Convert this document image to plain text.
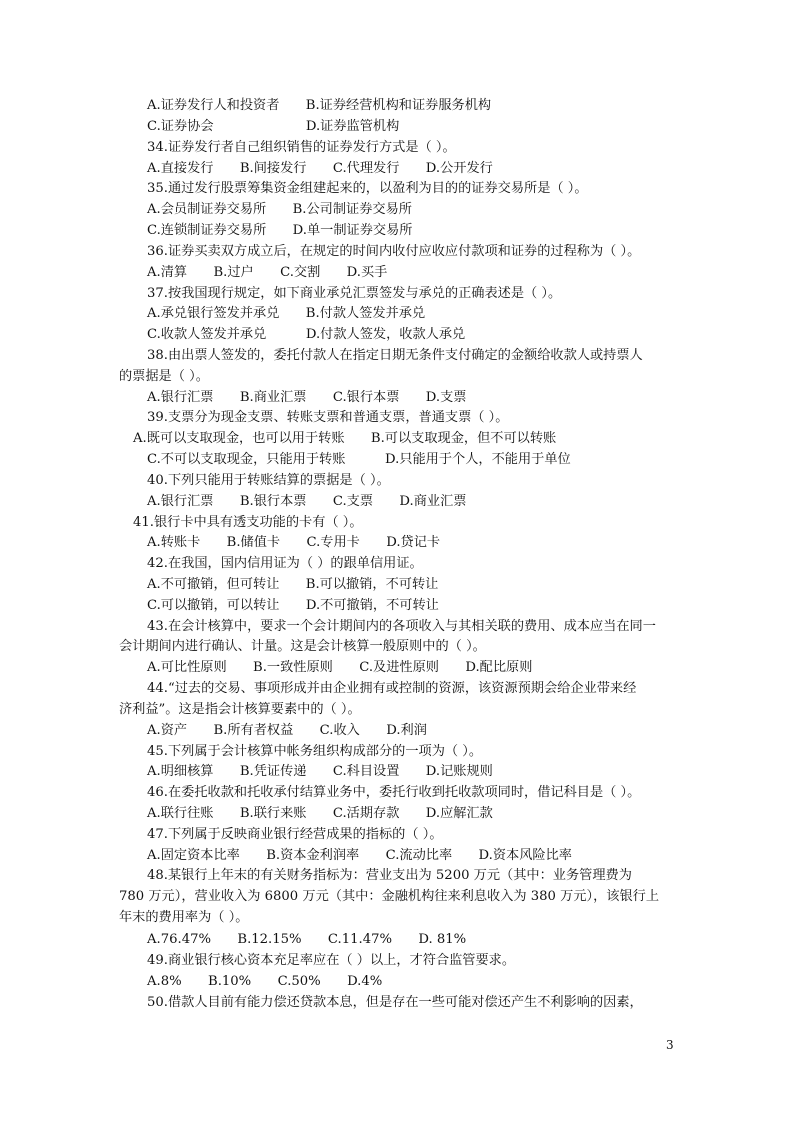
A.证券发行人和投资者　　B.证券经营机构和证券服务机构
C.证券协会　　　　　　　D.证券监管机构
34.证券发行者自己组织销售的证券发行方式是（ ）。
A.直接发行　　B.间接发行　　C.代理发行　　D.公开发行
35.通过发行股票筹集资金组建起来的，以盈利为目的的证券交易所是（ ）。
A.会员制证券交易所　　B.公司制证券交易所
C.连锁制证券交易所　　D.单一制证券交易所
36.证券买卖双方成立后，在规定的时间内收付应收应付款项和证券的过程称为（ ）。
A.清算　　B.过户　　C.交割　　D.买手
37.按我国现行规定，如下商业承兑汇票签发与承兑的正确表述是（ ）。
A.承兑银行签发并承兑　　B.付款人签发并承兑
C.收款人签发并承兑　　　D.付款人签发，收款人承兑
38.由出票人签发的，委托付款人在指定日期无条件支付确定的金额给收款人或持票人
的票据是（ ）。
A.银行汇票　　B.商业汇票　　C.银行本票　　D.支票
39.支票分为现金支票、转账支票和普通支票，普通支票（ ）。
A.既可以支取现金，也可以用于转账　　B.可以支取现金，但不可以转账
C.不可以支取现金，只能用于转账　　　D.只能用于个人，不能用于单位
40.下列只能用于转账结算的票据是（ ）。
A.银行汇票　　B.银行本票　　C.支票　　D.商业汇票
41.银行卡中具有透支功能的卡有（ ）。
A.转账卡　　B.储值卡　　C.专用卡　　D.贷记卡
42.在我国，国内信用证为（ ）的跟单信用证。
A.不可撤销，但可转让　　B.可以撤销，不可转让
C.可以撤销，可以转让　　D.不可撤销，不可转让
43.在会计核算中，要求一个会计期间内的各项收入与其相关联的费用、成本应当在同一
会计期间内进行确认、计量。这是会计核算一般原则中的（ ）。
A.可比性原则　　B.一致性原则　　C.及进性原则　　D.配比原则
44.“过去的交易、事项形成并由企业拥有或控制的资源，该资源预期会给企业带来经
济利益”。这是指会计核算要素中的（ ）。
A.资产　　B.所有者权益　　C.收入　　D.利润
45.下列属于会计核算中帐务组织构成部分的一项为（ ）。
A.明细核算　　B.凭证传递　　C.科目设置　　D.记账规则
46.在委托收款和托收承付结算业务中，委托行收到托收款项同时，借记科目是（ ）。
A.联行往账　　B.联行来账　　C.活期存款　　D.应解汇款
47.下列属于反映商业银行经营成果的指标的（ ）。
A.固定资本比率　　B.资本金利润率　　C.流动比率　　D.资本风险比率
48.某银行上年末的有关财务指标为：营业支出为 5200 万元（其中：业务管理费为
780 万元），营业收入为 6800 万元（其中：金融机构往来利息收入为 380 万元），该银行上
年末的费用率为（ ）。
A.76.47%　　B.12.15%　　C.11.47%　　D. 81%
49.商业银行核心资本充足率应在（ ）以上，才符合监管要求。
A.8%　　B.10%　　C.50%　　D.4%
50.借款人目前有能力偿还贷款本息，但是存在一些可能对偿还产生不利影响的因素，
3
